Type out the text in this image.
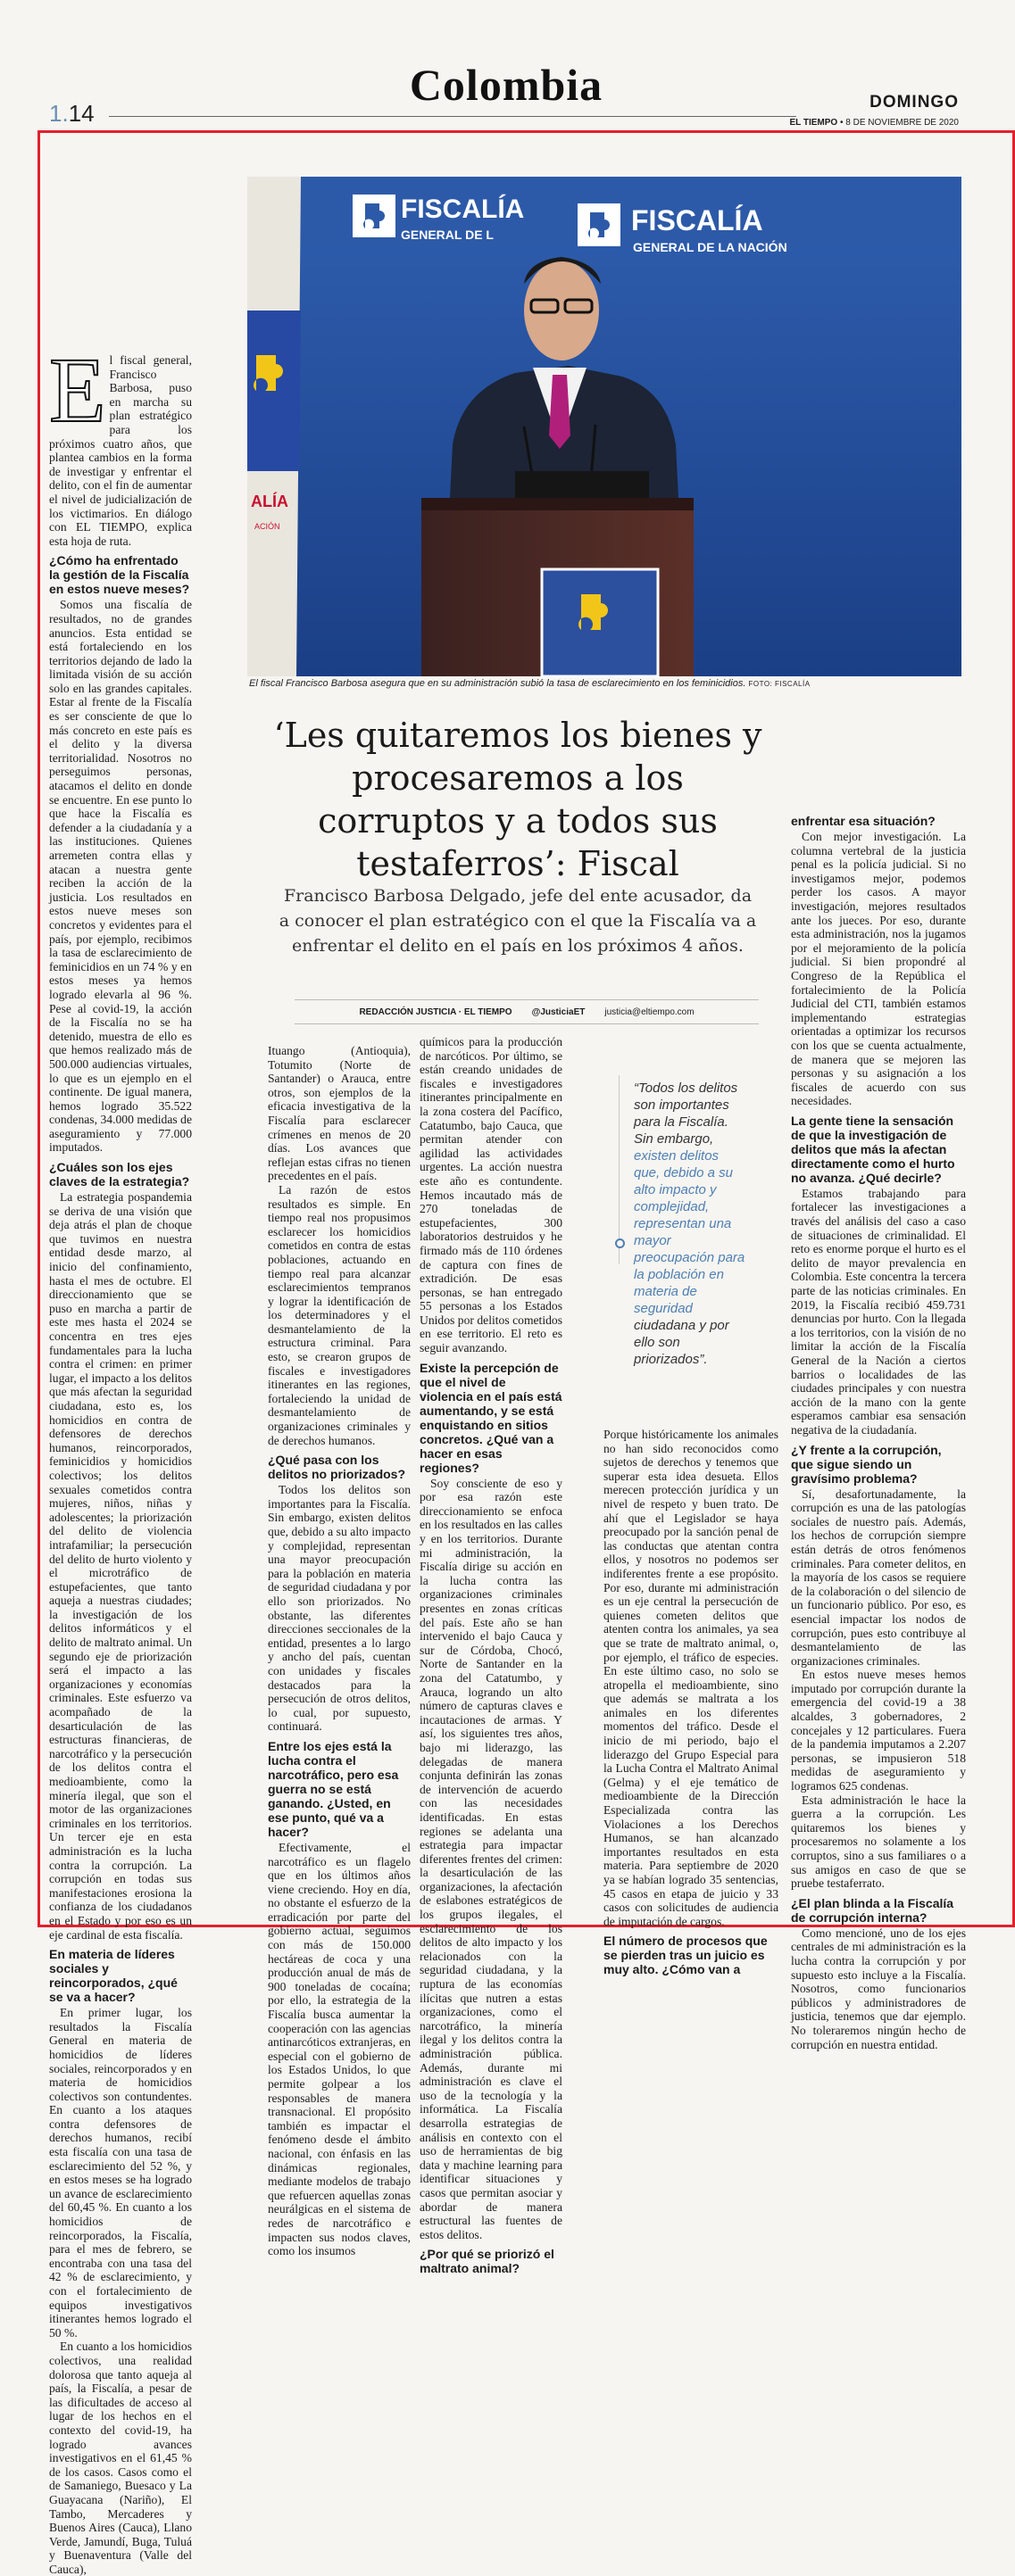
Colombia
1.14	DOMINGO
EL TIEMPO • 8 DE NOVIEMBRE DE 2020
ALÍA
ACIÓN
FISCALÍA
GENERAL DE L	FISCALÍA
GENERAL DE LA NACIÓN
El fiscal Francisco Barbosa asegura que en su administración subió la tasa de esclarecimiento en los feminicidios. FOTO: FISCALÍA
‘Les quitaremos los bienes y procesaremos a los corruptos y a todos sus testaferros’: Fiscal
Francisco Barbosa Delgado, jefe del ente acusador, da a conocer el plan estratégico con el que la Fiscalía va a enfrentar el delito en el país en los próximos 4 años.
REDACCIÓN JUSTICIA · EL TIEMPO @JusticiaET justicia@eltiempo.com
E l fiscal general, Francisco Barbosa, puso en marcha su plan estratégico para los próximos cuatro años, que plantea cambios en la forma de investigar y enfrentar el delito, con el fin de aumentar el nivel de judicialización de los victimarios. En diálogo con EL TIEMPO, explica esta hoja de ruta.

¿Cómo ha enfrentado la gestión de la Fiscalía en estos nueve meses?

Somos una fiscalía de resultados, no de grandes anuncios. Esta entidad se está fortaleciendo en los territorios dejando de lado la limitada visión de su acción solo en las grandes capitales. Estar al frente de la Fiscalía es ser consciente de que lo más concreto en este país es el delito y la diversa territorialidad. Nosotros no perseguimos personas, atacamos el delito en donde se encuentre. En ese punto lo que hace la Fiscalía es defender a la ciudadanía y a las instituciones. Quienes arremeten contra ellas y atacan a nuestra gente reciben la acción de la justicia. Los resultados en estos nueve meses son concretos y evidentes para el país, por ejemplo, recibimos la tasa de esclarecimiento de feminicidios en un 74 % y en estos meses ya hemos logrado elevarla al 96 %. Pese al covid-19, la acción de la Fiscalía no se ha detenido, muestra de ello es que hemos realizado más de 500.000 audiencias virtuales, lo que es un ejemplo en el continente. De igual manera, hemos logrado 35.522 condenas, 34.000 medidas de aseguramiento y 77.000 imputados.

¿Cuáles son los ejes claves de la estrategia?

La estrategia pospandemia se deriva de una visión que deja atrás el plan de choque que tuvimos en nuestra entidad desde marzo, al inicio del confinamiento, hasta el mes de octubre. El direccionamiento que se puso en marcha a partir de este mes hasta el 2024 se concentra en tres ejes fundamentales para la lucha contra el crimen: en primer lugar, el impacto a los delitos que más afectan la seguridad ciudadana, esto es, los homicidios en contra de defensores de derechos humanos, reincorporados, feminicidios y homicidios colectivos; los delitos sexuales cometidos contra mujeres, niños, niñas y adolescentes; la priorización del delito de violencia intrafamiliar; la persecución del delito de hurto violento y el microtráfico de estupefacientes, que tanto aqueja a nuestras ciudades; la investigación de los delitos informáticos y el delito de maltrato animal. Un segundo eje de priorización será el impacto a las organizaciones y economías criminales. Este esfuerzo va acompañado de la desarticulación de las estructuras financieras, de narcotráfico y la persecución de los delitos contra el medioambiente, como la minería ilegal, que son el motor de las organizaciones criminales en los territorios. Un tercer eje en esta administración es la lucha contra la corrupción. La corrupción en todas sus manifestaciones erosiona la confianza de los ciudadanos en el Estado y por eso es un eje cardinal de esta fiscalía.

En materia de líderes sociales y reincorporados, ¿qué se va a hacer?

En primer lugar, los resultados la Fiscalía General en materia de homicidios de líderes sociales, reincorporados y en materia de homicidios colectivos son contundentes. En cuanto a los ataques contra defensores de derechos humanos, recibí esta fiscalía con una tasa de esclarecimiento del 52 %, y en estos meses se ha logrado un avance de esclarecimiento del 60,45 %. En cuanto a los homicidios de reincorporados, la Fiscalía, para el mes de febrero, se encontraba con una tasa del 42 % de esclarecimiento, y con el fortalecimiento de equipos investigativos itinerantes hemos logrado el 50 %.

En cuanto a los homicidios colectivos, una realidad dolorosa que tanto aqueja al país, la Fiscalía, a pesar de las dificultades de acceso al lugar de los hechos en el contexto del covid-19, ha logrado avances investigativos en el 61,45 % de los casos. Casos como el de Samaniego, Buesaco y La Guayacana (Nariño), El Tambo, Mercaderes y Buenos Aires (Cauca), Llano Verde, Jamundí, Buga, Tuluá y Buenaventura (Valle del Cauca),

Ituango (Antioquia), Totumito (Norte de Santander) o Arauca, entre otros, son ejemplos de la eficacia investigativa de la Fiscalía para esclarecer crímenes en menos de 20 días. Los avances que reflejan estas cifras no tienen precedentes en el país.

La razón de estos resultados es simple. En tiempo real nos propusimos esclarecer los homicidios cometidos en contra de estas poblaciones, actuando en tiempo real para alcanzar esclarecimientos tempranos y lograr la identificación de los determinadores y el desmantelamiento de la estructura criminal. Para esto, se crearon grupos de fiscales e investigadores itinerantes en las regiones, fortaleciendo la unidad de desmantelamiento de organizaciones criminales y de derechos humanos.

¿Qué pasa con los delitos no priorizados?

Todos los delitos son importantes para la Fiscalía. Sin embargo, existen delitos que, debido a su alto impacto y complejidad, representan una mayor preocupación para la población en materia de seguridad ciudadana y por ello son priorizados. No obstante, las diferentes direcciones seccionales de la entidad, presentes a lo largo y ancho del país, cuentan con unidades y fiscales destacados para la persecución de otros delitos, lo cual, por supuesto, continuará.

Entre los ejes está la lucha contra el narcotráfico, pero esa guerra no se está ganando. ¿Usted, en ese punto, qué va a hacer?

Efectivamente, el narcotráfico es un flagelo que en los últimos años viene creciendo. Hoy en día, no obstante el esfuerzo de la erradicación por parte del gobierno actual, seguimos con más de 150.000 hectáreas de coca y una producción anual de más de 900 toneladas de cocaína; por ello, la estrategia de la Fiscalía busca aumentar la cooperación con las agencias antinarcóticos extranjeras, en especial con el gobierno de los Estados Unidos, lo que permite golpear a los responsables de manera transnacional. El propósito también es impactar el fenómeno desde el ámbito nacional, con énfasis en las dinámicas regionales, mediante modelos de trabajo que refuercen aquellas zonas neurálgicas en el sistema de redes de narcotráfico e impacten sus nodos claves, como los insumos

químicos para la producción de narcóticos. Por último, se están creando unidades de fiscales e investigadores itinerantes principalmente en la zona costera del Pacífico, Catatumbo, bajo Cauca, que permitan atender con agilidad las actividades urgentes. La acción nuestra este año es contundente. Hemos incautado más de 270 toneladas de estupefacientes, 300 laboratorios destruidos y he firmado más de 110 órdenes de captura con fines de extradición. De esas personas, se han entregado 55 personas a los Estados Unidos por delitos cometidos en ese territorio. El reto es seguir avanzando.

Existe la percepción de que el nivel de violencia en el país está aumentando, y se está enquistando en sitios concretos. ¿Qué van a hacer en esas regiones?

Soy consciente de eso y por esa razón este direccionamiento se enfoca en los resultados en las calles y en los territorios. Durante mi administración, la Fiscalía dirige su acción en la lucha contra las organizaciones criminales presentes en zonas críticas del país. Este año se han intervenido el bajo Cauca y sur de Córdoba, Chocó, Norte de Santander en la zona del Catatumbo, y Arauca, logrando un alto número de capturas claves e incautaciones de armas. Y así, los siguientes tres años, bajo mi liderazgo, las delegadas de manera conjunta definirán las zonas de intervención de acuerdo con las necesidades identificadas. En estas regiones se adelanta una estrategia para impactar diferentes frentes del crimen: la desarticulación de las organizaciones, la afectación de eslabones estratégicos de los grupos ilegales, el esclarecimiento de los delitos de alto impacto y los relacionados con la seguridad ciudadana, y la ruptura de las economías ilícitas que nutren a estas organizaciones, como el narcotráfico, la minería ilegal y los delitos contra la administración pública. Además, durante mi administración es clave el uso de la tecnología y la informática. La Fiscalía desarrolla estrategias de análisis en contexto con el uso de herramientas de big data y machine learning para identificar situaciones y casos que permitan asociar y abordar de manera estructural las fuentes de estos delitos.

¿Por qué se priorizó el maltrato animal?
“Todos los delitos son importantes para la Fiscalía. Sin embargo, existen delitos que, debido a su alto impacto y complejidad, representan una mayor preocupación para la población en materia de seguridad ciudadana y por ello son priorizados”.

Porque históricamente los animales no han sido reconocidos como sujetos de derechos y tenemos que superar esta idea desueta. Ellos merecen protección jurídica y un nivel de respeto y buen trato. De ahí que el Legislador se haya preocupado por la sanción penal de las conductas que atentan contra ellos, y nosotros no podemos ser indiferentes frente a ese propósito. Por eso, durante mi administración es un eje central la persecución de quienes cometen delitos que atenten contra los animales, ya sea que se trate de maltrato animal, o, por ejemplo, el tráfico de especies. En este último caso, no solo se atropella el medioambiente, sino que además se maltrata a los animales en los diferentes momentos del tráfico. Desde el inicio de mi periodo, bajo el liderazgo del Grupo Especial para la Lucha Contra el Maltrato Animal (Gelma) y el eje temático de medioambiente de la Dirección Especializada contra las Violaciones a los Derechos Humanos, se han alcanzado importantes resultados en esta materia. Para septiembre de 2020 ya se habían logrado 35 sentencias, 45 casos en etapa de juicio y 33 casos con solicitudes de audiencia de imputación de cargos.

El número de procesos que se pierden tras un juicio es muy alto. ¿Cómo van a
enfrentar esa situación?

Con mejor investigación. La columna vertebral de la justicia penal es la policía judicial. Si no investigamos mejor, podemos perder los casos. A mayor investigación, mejores resultados ante los jueces. Por eso, durante esta administración, nos la jugamos por el mejoramiento de la policía judicial. Si bien propondré al Congreso de la República el fortalecimiento de la Policía Judicial del CTI, también estamos implementando estrategias orientadas a optimizar los recursos con los que se cuenta actualmente, de manera que se mejoren las personas y su asignación a los fiscales de acuerdo con sus necesidades.

La gente tiene la sensación de que la investigación de delitos que más la afectan directamente como el hurto no avanza. ¿Qué decirle?

Estamos trabajando para fortalecer las investigaciones a través del análisis del caso a caso de situaciones de criminalidad. El reto es enorme porque el hurto es el delito de mayor prevalencia en Colombia. Este concentra la tercera parte de las noticias criminales. En 2019, la Fiscalía recibió 459.731 denuncias por hurto. Con la llegada a los territorios, con la visión de no limitar la acción de la Fiscalía General de la Nación a ciertos barrios o localidades de las ciudades principales y con nuestra acción de la mano con la gente esperamos cambiar esa sensación negativa de la ciudadanía.

¿Y frente a la corrupción, que sigue siendo un gravísimo problema?

Sí, desafortunadamente, la corrupción es una de las patologías sociales de nuestro país. Además, los hechos de corrupción siempre están detrás de otros fenómenos criminales. Para cometer delitos, en la mayoría de los casos se requiere de la colaboración o del silencio de un funcionario público. Por eso, es esencial impactar los nodos de corrupción, pues esto contribuye al desmantelamiento de las organizaciones criminales.

En estos nueve meses hemos imputado por corrupción durante la emergencia del covid-19 a 38 alcaldes, 3 gobernadores, 2 concejales y 12 particulares. Fuera de la pandemia imputamos a 2.207 personas, se impusieron 518 medidas de aseguramiento y logramos 625 condenas.

Esta administración le hace la guerra a la corrupción. Les quitaremos los bienes y procesaremos no solamente a los corruptos, sino a sus familiares o a sus amigos en caso de que se pruebe testaferrato.

¿El plan blinda a la Fiscalía de corrupción interna?

Como mencioné, uno de los ejes centrales de mi administración es la lucha contra la corrupción y por supuesto esto incluye a la Fiscalía. Nosotros, como funcionarios públicos y administradores de justicia, tenemos que dar ejemplo. No toleraremos ningún hecho de corrupción en nuestra entidad.
